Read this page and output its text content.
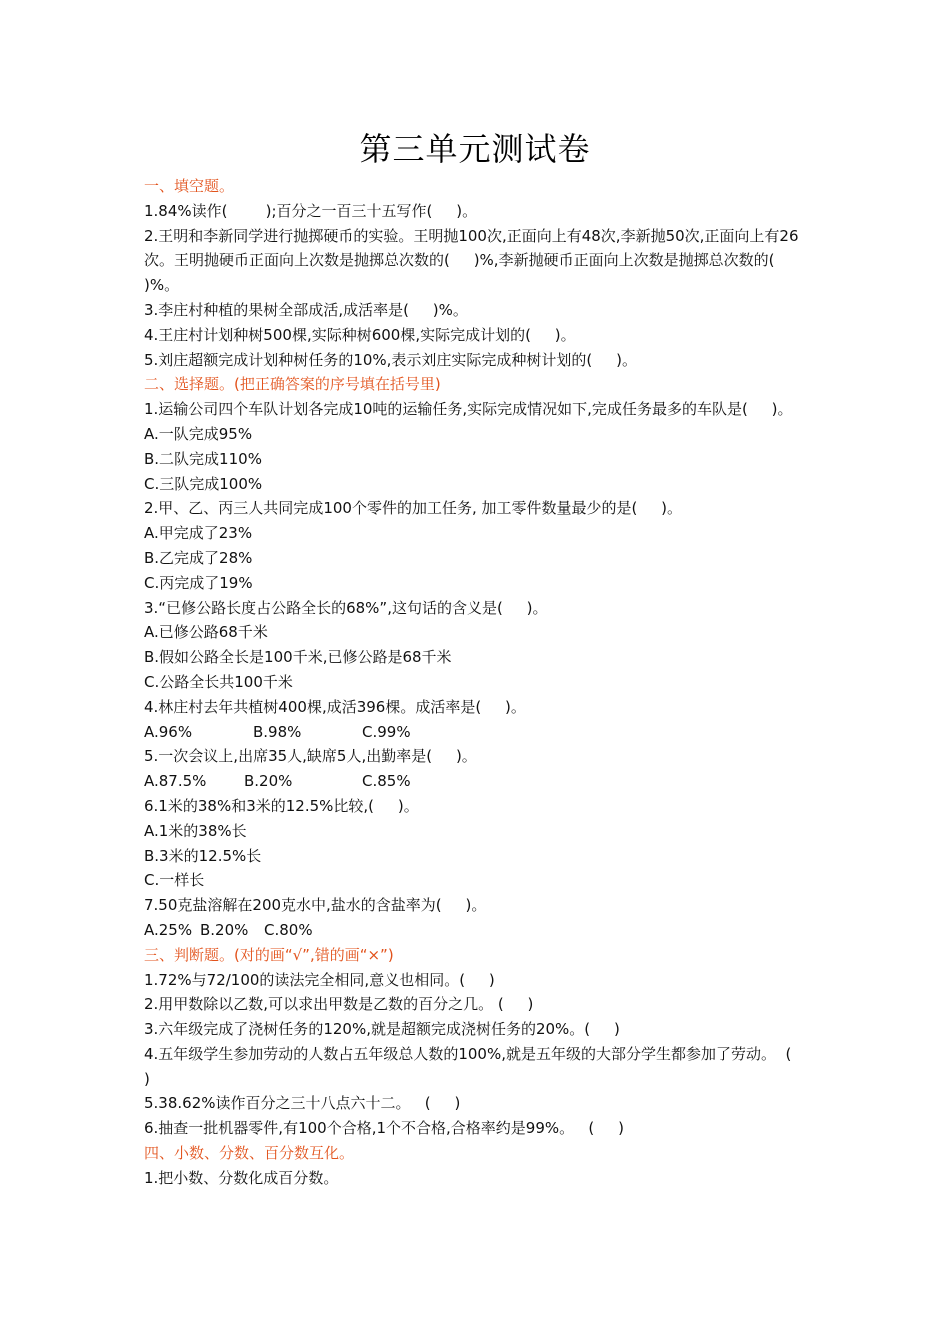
第三单元测试卷
一、填空题。
1.84%读作(        );百分之一百三十五写作(     )。
2.王明和李新同学进行抛掷硬币的实验。王明抛100次,正面向上有48次,李新抛50次,正面向上有26次。王明抛硬币正面向上次数是抛掷总次数的(     )%,李新抛硬币正面向上次数是抛掷总次数的(     )%。
3.李庄村种植的果树全部成活,成活率是(     )%。
4.王庄村计划种树500棵,实际种树600棵,实际完成计划的(     )。
5.刘庄超额完成计划种树任务的10%,表示刘庄实际完成种树计划的(     )。
二、选择题。(把正确答案的序号填在括号里)
1.运输公司四个车队计划各完成10吨的运输任务,实际完成情况如下,完成任务最多的车队是(     )。
A.一队完成95%
B.二队完成110%
C.三队完成100%
2.甲、乙、丙三人共同完成100个零件的加工任务, 加工零件数量最少的是(     )。
A.甲完成了23%
B.乙完成了28%
C.丙完成了19%
3.“已修公路长度占公路全长的68%”,这句话的含义是(     )。
A.已修公路68千米
B.假如公路全长是100千米,已修公路是68千米
C.公路全长共100千米
4.林庄村去年共植树400棵,成活396棵。成活率是(     )。
A.96%	B.98%	C.99%
5.一次会议上,出席35人,缺席5人,出勤率是(     )。
A.87.5%	B.20%	C.85%
6.1米的38%和3米的12.5%比较,(     )。
A.1米的38%长
B.3米的12.5%长
C.一样长
7.50克盐溶解在200克水中,盐水的含盐率为(     )。
A.25% B.20%	C.80%
三、判断题。(对的画“√”,错的画“×”)
1.72%与72/100的读法完全相同,意义也相同。(     )
2.用甲数除以乙数,可以求出甲数是乙数的百分之几。 (     )
3.六年级完成了浇树任务的120%,就是超额完成浇树任务的20%。(     )
4.五年级学生参加劳动的人数占五年级总人数的100%,就是五年级的大部分学生都参加了劳动。  (     )
5.38.62%读作百分之三十八点六十二。   (     )
6.抽查一批机器零件,有100个合格,1个不合格,合格率约是99%。   (     )
四、小数、分数、百分数互化。
1.把小数、分数化成百分数。
